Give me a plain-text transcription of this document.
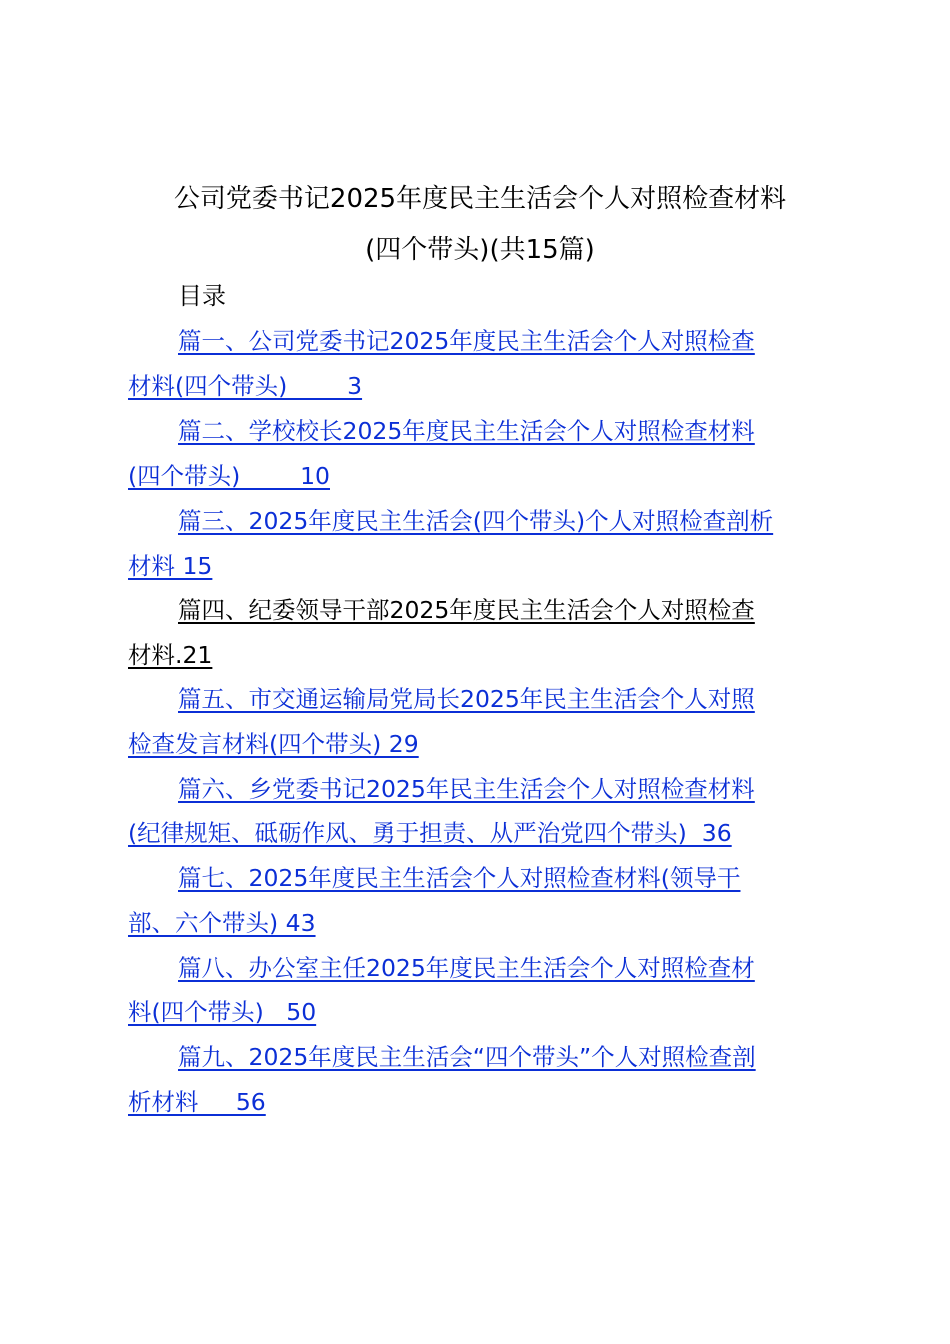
公司党委书记2025年度民主生活会个人对照检查材料
(四个带头)(共15篇)
目录
篇一、公司党委书记2025年度民主生活会个人对照检查
材料(四个带头)        3
篇二、学校校长2025年度民主生活会个人对照检查材料
(四个带头)        10
篇三、2025年度民主生活会(四个带头)个人对照检查剖析
材料 15
篇四、纪委领导干部2025年度民主生活会个人对照检查
材料.21
篇五、市交通运输局党局长2025年民主生活会个人对照
检查发言材料(四个带头) 29
篇六、乡党委书记2025年民主生活会个人对照检查材料
(纪律规矩、砥砺作风、勇于担责、从严治党四个带头)  36
篇七、2025年度民主生活会个人对照检查材料(领导干
部、六个带头) 43
篇八、办公室主任2025年度民主生活会个人对照检查材
料(四个带头)   50
篇九、2025年度民主生活会“四个带头”个人对照检查剖
析材料     56
